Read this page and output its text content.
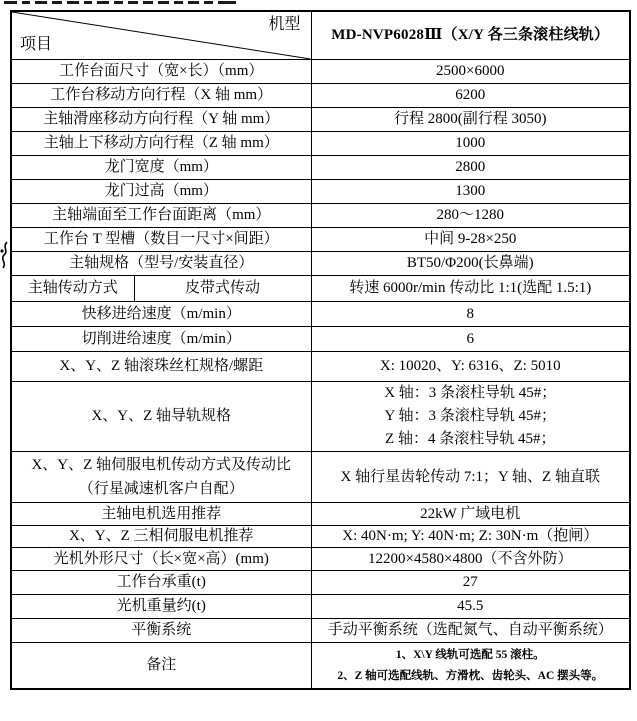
机型
项目		MD-NVP6028Ⅲ（X/Y 各三条滚柱线轨）
工作台面尺寸（宽×长）（mm）		2500×6000
工作台移动方向行程（X 轴 mm）		6200
主轴滑座移动方向行程（Y 轴 mm）		行程 2800(副行程 3050)
主轴上下移动方向行程（Z 轴 mm）		1000
龙门宽度（mm）		2800
龙门过高（mm）		1300
主轴端面至工作台面距离（mm）		280～1280
工作台 T 型槽（数目一尺寸×间距）		中间 9-28×250
主轴规格（型号/安装直径）		BT50/Φ200(长鼻端)
主轴传动方式	皮带式传动	转速 6000r/min 传动比 1:1(选配 1.5:1)
快移进给速度（m/min）		8
切削进给速度（m/min）		6
X、Y、Z 轴滚珠丝杠规格/螺距		X: 10020、Y: 6316、Z: 5010
X、Y、Z 轴导轨规格		X 轴：3 条滚柱导轨 45#；
Y 轴：3 条滚柱导轨 45#；
Z 轴：4 条滚柱导轨 45#；

X、Y、Z 轴伺服电机传动方式及传动比
（行星减速机客户自配）		X 轴行星齿轮传动 7:1；Y 轴、Z 轴直联
主轴电机选用推荐		22kW 广域电机
X、Y、Z 三相伺服电机推荐		X: 40N·m; Y: 40N·m; Z: 30N·m（抱闸）
光机外形尺寸（长×宽×高）(mm)		12200×4580×4800（不含外防）
工作台承重(t)		27
光机重量约(t)		45.5
平衡系统		手动平衡系统（选配氮气、自动平衡系统）
备注		1、X\Y 线轨可选配 55 滚柱。
2、Z 轴可选配线轨、方滑枕、齿轮头、AC 摆头等。
